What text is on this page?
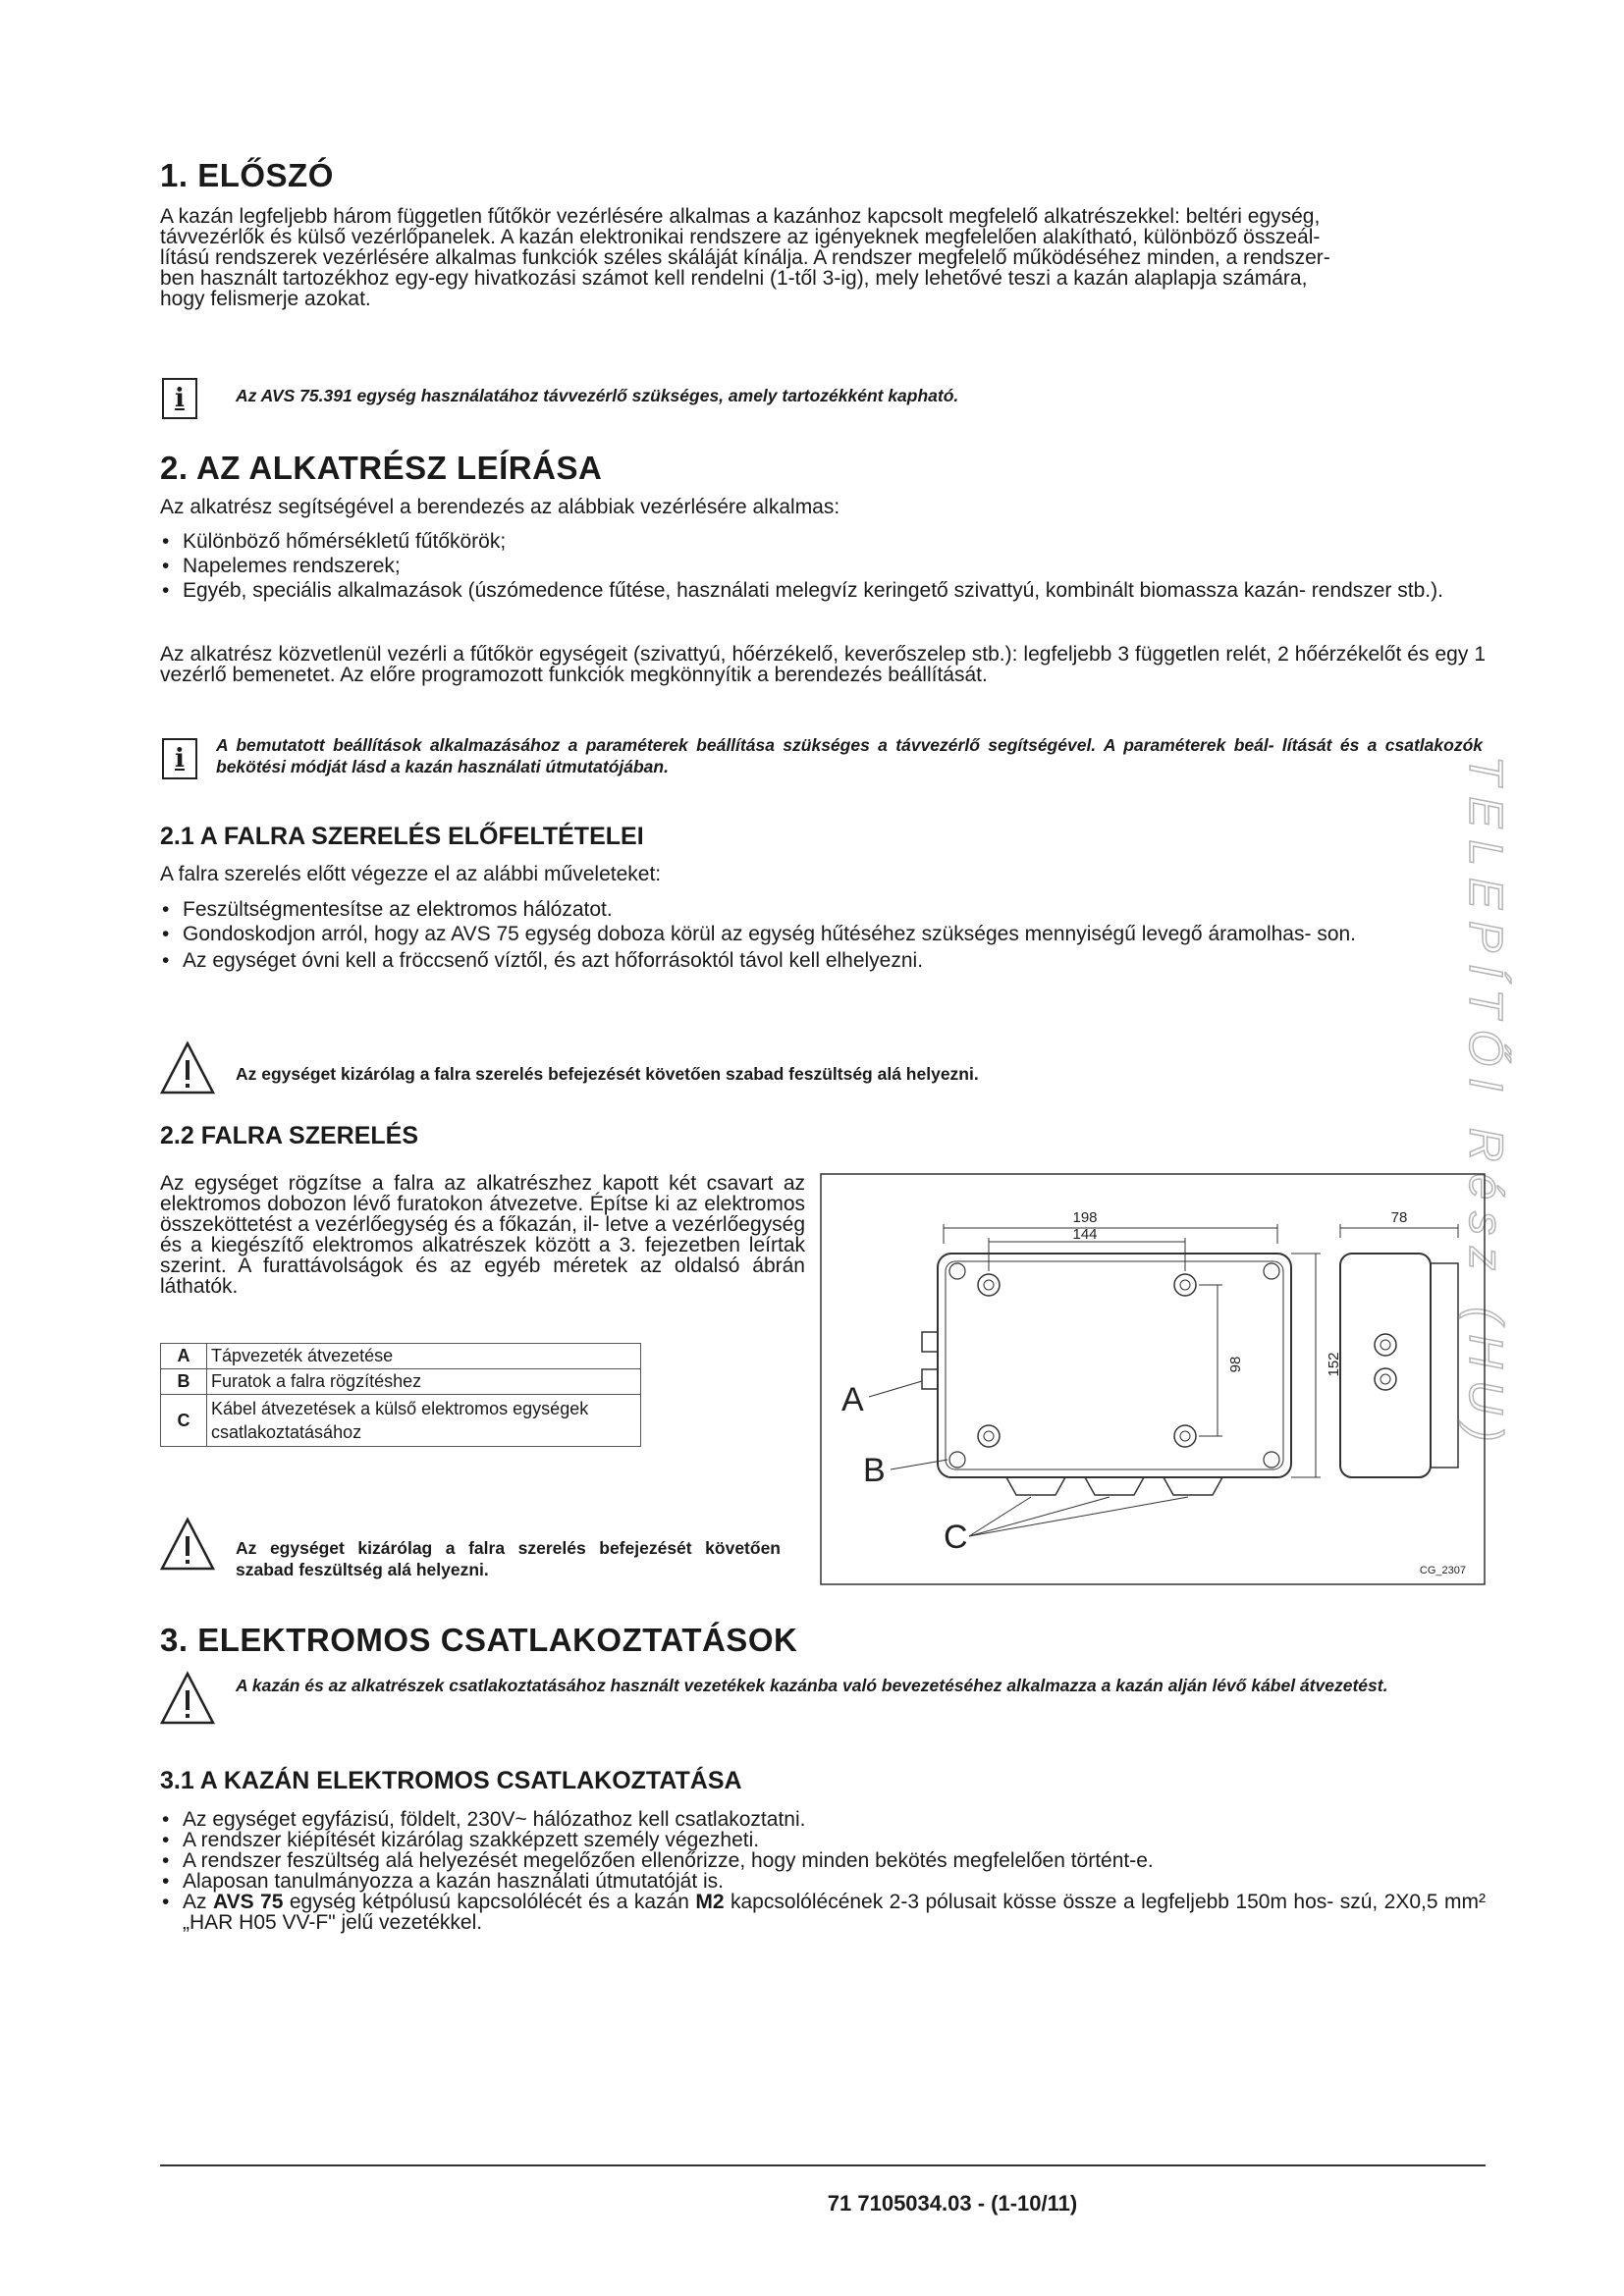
TELEPÍTŐI Rész (HU)
1. ELŐSZÓ
A kazán legfeljebb három független fűtőkör vezérlésére alkalmas a kazánhoz kapcsolt megfelelő alkatrészekkel: beltéri egység,
távvezérlők és külső vezérlőpanelek. A kazán elektronikai rendszere az igényeknek megfelelően alakítható, különböző összeál-
lítású rendszerek vezérlésére alkalmas funkciók széles skáláját kínálja. A rendszer megfelelő működéséhez minden, a rendszer-
ben használt tartozékhoz egy-egy hivatkozási számot kell rendelni (1-től 3-ig), mely lehetővé teszi a kazán alaplapja számára,
hogy felismerje azokat.
i	Az AVS 75.391 egység használatához távvezérlő szükséges, amely tartozékként kapható.
2. AZ ALKATRÉSZ LEÍRÁSA
Az alkatrész segítségével a berendezés az alábbiak vezérlésére alkalmas:
• Különböző hőmérsékletű fűtőkörök;
• Napelemes rendszerek;
• Egyéb, speciális alkalmazások (úszómedence fűtése, használati melegvíz keringető szivattyú, kombinált biomassza kazán- rendszer stb.).
Az alkatrész közvetlenül vezérli a fűtőkör egységeit (szivattyú, hőérzékelő, keverőszelep stb.): legfeljebb 3 független relét, 2 hőérzékelőt és egy 1 vezérlő bemenetet. Az előre programozott funkciók megkönnyítik a berendezés beállítását.
i	A bemutatott beállítások alkalmazásához a paraméterek beállítása szükséges a távvezérlő segítségével. A paraméterek beál- lítását és a csatlakozók bekötési módját lásd a kazán használati útmutatójában.
2.1 A FALRA SZERELÉS ELŐFELTÉTELEI
A falra szerelés előtt végezze el az alábbi műveleteket:
• Feszültségmentesítse az elektromos hálózatot.
• Gondoskodjon arról, hogy az AVS 75 egység doboza körül az egység hűtéséhez szükséges mennyiségű levegő áramolhas- son.
• Az egységet óvni kell a fröccsenő víztől, és azt hőforrásoktól távol kell elhelyezni.
Az egységet kizárólag a falra szerelés befejezését követően szabad feszültség alá helyezni.
2.2 FALRA SZERELÉS
Az egységet rögzítse a falra az alkatrészhez kapott két csavart az elektromos dobozon lévő furatokon átvezetve. Építse ki az elektromos összeköttetést a vezérlőegység és a főkazán, il- letve a vezérlőegység és a kiegészítő elektromos alkatrészek között a 3. fejezetben leírtak szerint. A furattávolságok és az egyéb méretek az oldalsó ábrán láthatók.
A	Tápvezeték átvezetése
B	Furatok a falra rögzítéshez
C	Kábel átvezetések a külső elektromos egységek csatlakoztatásához
Az egységet kizárólag a falra szerelés befejezését követően szabad feszültség alá helyezni.
198
144
78
98	152
A
B
C
CG_2307
3. ELEKTROMOS CSATLAKOZTATÁSOK
A kazán és az alkatrészek csatlakoztatásához használt vezetékek kazánba való bevezetéséhez alkalmazza a kazán alján lévő kábel átvezetést.
3.1 A KAZÁN ELEKTROMOS CSATLAKOZTATÁSA
• Az egységet egyfázisú, földelt, 230V~ hálózathoz kell csatlakoztatni.
• A rendszer kiépítését kizárólag szakképzett személy végezheti.
• A rendszer feszültség alá helyezését megelőzően ellenőrizze, hogy minden bekötés megfelelően történt-e.
• Alaposan tanulmányozza a kazán használati útmutatóját is.
• Az AVS 75 egység kétpólusú kapcsolólécét és a kazán M2 kapcsolólécének 2-3 pólusait kösse össze a legfeljebb 150m hos- szú, 2X0,5 mm² „HAR H05 VV-F" jelű vezetékkel.
71 7105034.03 - (1-10/11)
